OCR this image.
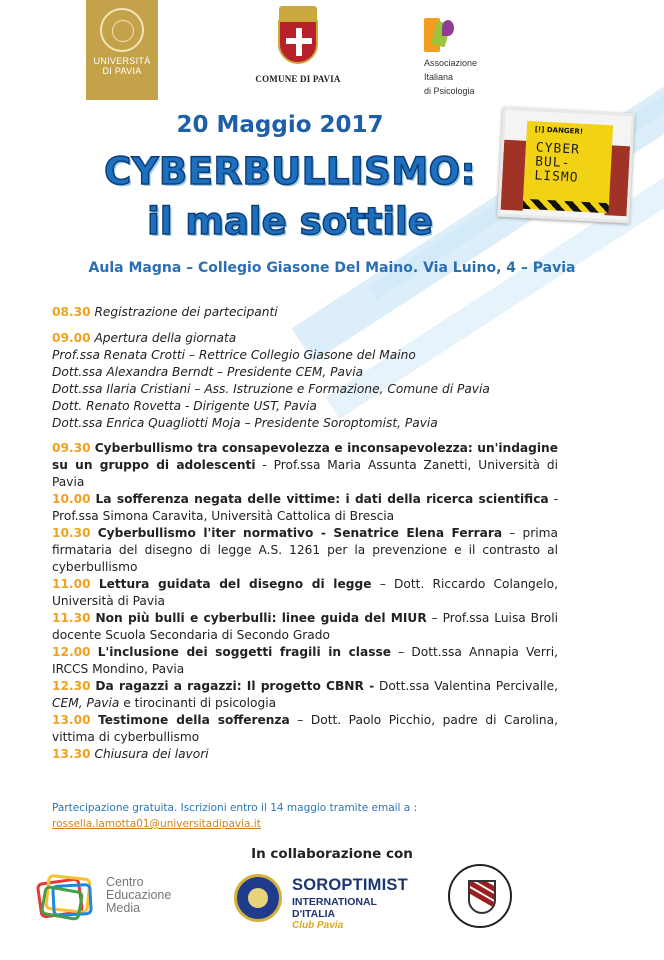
UNIVERSITÀ
DI PAVIA
COMUNE DI PAVIA
Associazione
Italiana
di Psicologia
[!] DANGER!
CYBER
BUL-
LISMO
20 Maggio 2017
CYBERBULLISMO:
il male sottile
Aula Magna – Collegio Giasone Del Maino. Via Luino, 4 – Pavia
08.30 Registrazione dei partecipanti
09.00 Apertura della giornata
Prof.ssa Renata Crotti – Rettrice Collegio Giasone del Maino
Dott.ssa Alexandra Berndt – Presidente CEM, Pavia
Dott.ssa Ilaria Cristiani – Ass. Istruzione e Formazione, Comune di Pavia
Dott. Renato Rovetta - Dirigente UST, Pavia
Dott.ssa Enrica Quagliotti Moja – Presidente Soroptomist, Pavia
09.30 Cyberbullismo tra consapevolezza e inconsapevolezza: un'indagine su un gruppo di adolescenti - Prof.ssa Maria Assunta Zanetti, Università di Pavia
10.00 La sofferenza negata delle vittime: i dati della ricerca scientifica - Prof.ssa Simona Caravita, Università Cattolica di Brescia
10.30 Cyberbullismo l'iter normativo - Senatrice Elena Ferrara – prima firmataria del disegno di legge A.S. 1261 per la prevenzione e il contrasto al cyberbullismo
11.00 Lettura guidata del disegno di legge – Dott. Riccardo Colangelo, Università di Pavia
11.30 Non più bulli e cyberbulli: linee guida del MIUR – Prof.ssa Luisa Broli docente Scuola Secondaria di Secondo Grado
12.00 L'inclusione dei soggetti fragili in classe – Dott.ssa Annapia Verri, IRCCS Mondino, Pavia
12.30 Da ragazzi a ragazzi: Il progetto CBNR - Dott.ssa Valentina Percivalle, CEM, Pavia e tirocinanti di psicologia
13.00 Testimone della sofferenza – Dott. Paolo Picchio, padre di Carolina, vittima di cyberbullismo
13.30 Chiusura dei lavori
Partecipazione gratuita. Iscrizioni entro il 14 maggio tramite email a :
rossella.lamotta01@universitadipavia.it
In collaborazione con
Centro
Educazione
Media
SOROPTIMIST
INTERNATIONAL D'ITALIA
Club Pavia
